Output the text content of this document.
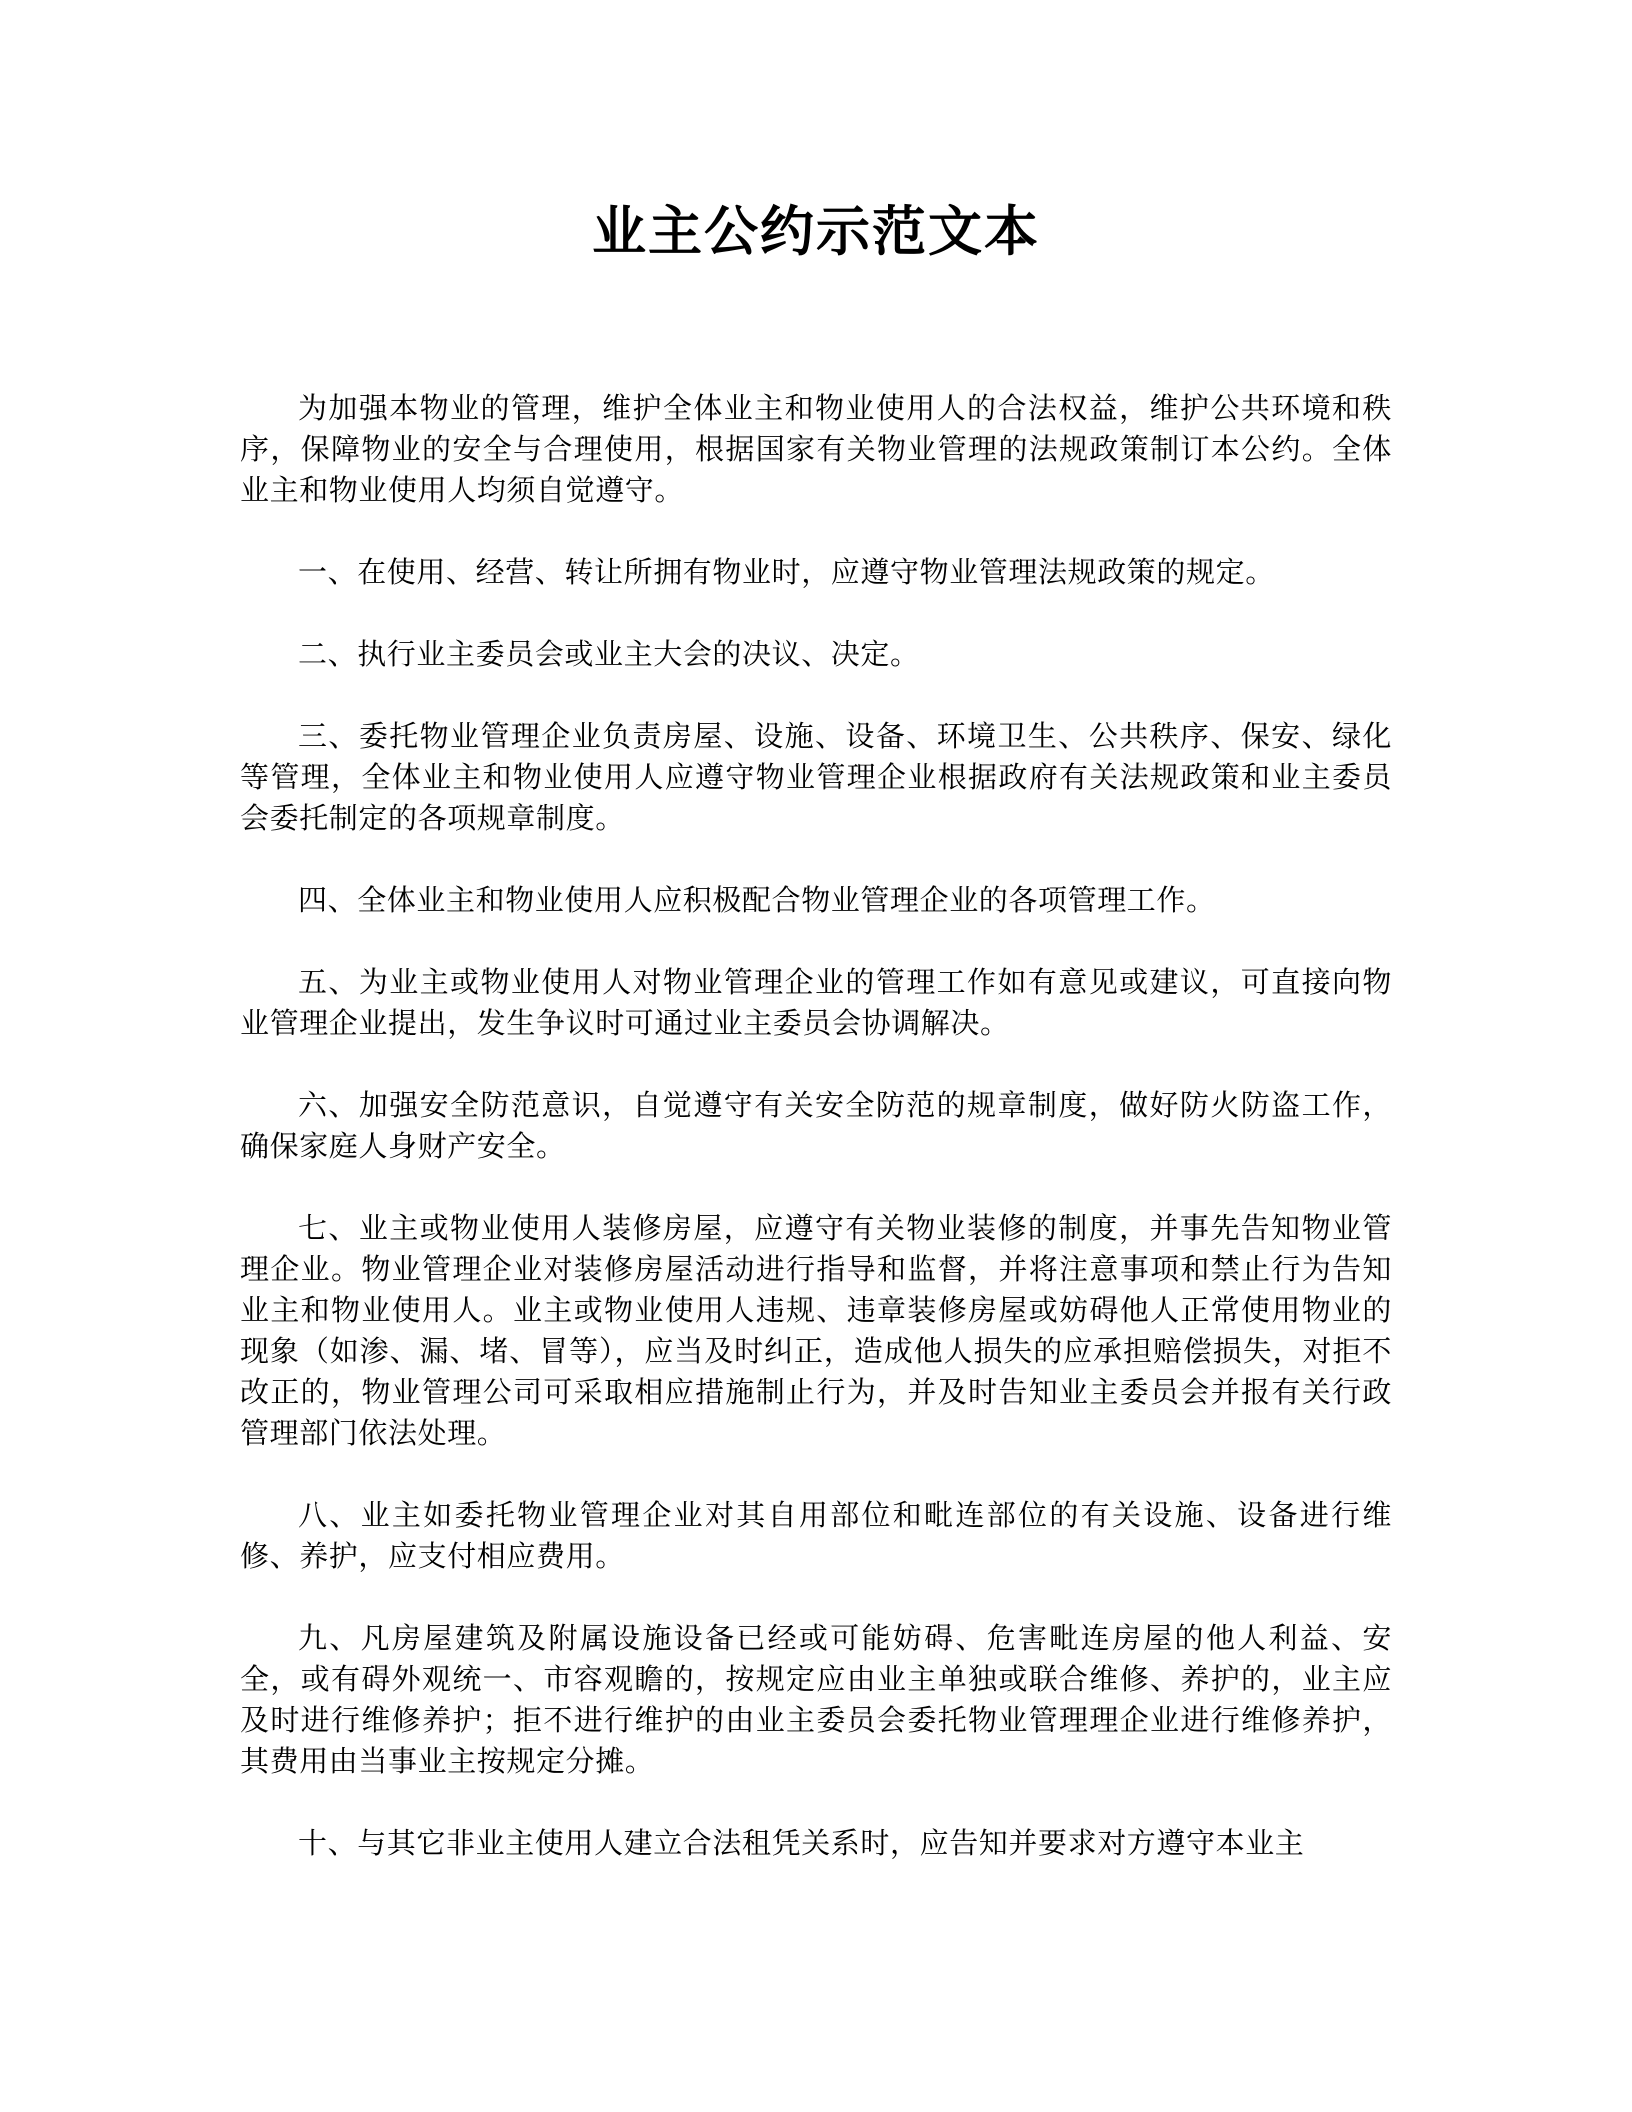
业主公约示范文本

为加强本物业的管理，维护全体业主和物业使用人的合法权益，维护公共环境和秩序，保障物业的安全与合理使用，根据国家有关物业管理的法规政策制订本公约。全体业主和物业使用人均须自觉遵守。

一、在使用、经营、转让所拥有物业时，应遵守物业管理法规政策的规定。

二、执行业主委员会或业主大会的决议、决定。

三、委托物业管理企业负责房屋、设施、设备、环境卫生、公共秩序、保安、绿化等管理，全体业主和物业使用人应遵守物业管理企业根据政府有关法规政策和业主委员会委托制定的各项规章制度。

四、全体业主和物业使用人应积极配合物业管理企业的各项管理工作。

五、为业主或物业使用人对物业管理企业的管理工作如有意见或建议，可直接向物业管理企业提出，发生争议时可通过业主委员会协调解决。

六、加强安全防范意识，自觉遵守有关安全防范的规章制度，做好防火防盗工作，确保家庭人身财产安全。

七、业主或物业使用人装修房屋，应遵守有关物业装修的制度，并事先告知物业管理企业。物业管理企业对装修房屋活动进行指导和监督，并将注意事项和禁止行为告知业主和物业使用人。业主或物业使用人违规、违章装修房屋或妨碍他人正常使用物业的现象（如渗、漏、堵、冒等），应当及时纠正，造成他人损失的应承担赔偿损失，对拒不改正的，物业管理公司可采取相应措施制止行为，并及时告知业主委员会并报有关行政管理部门依法处理。

八、业主如委托物业管理企业对其自用部位和毗连部位的有关设施、设备进行维修、养护，应支付相应费用。

九、凡房屋建筑及附属设施设备已经或可能妨碍、危害毗连房屋的他人利益、安全，或有碍外观统一、市容观瞻的，按规定应由业主单独或联合维修、养护的，业主应及时进行维修养护；拒不进行维护的由业主委员会委托物业管理理企业进行维修养护，其费用由当事业主按规定分摊。

十、与其它非业主使用人建立合法租凭关系时，应告知并要求对方遵守本业主
